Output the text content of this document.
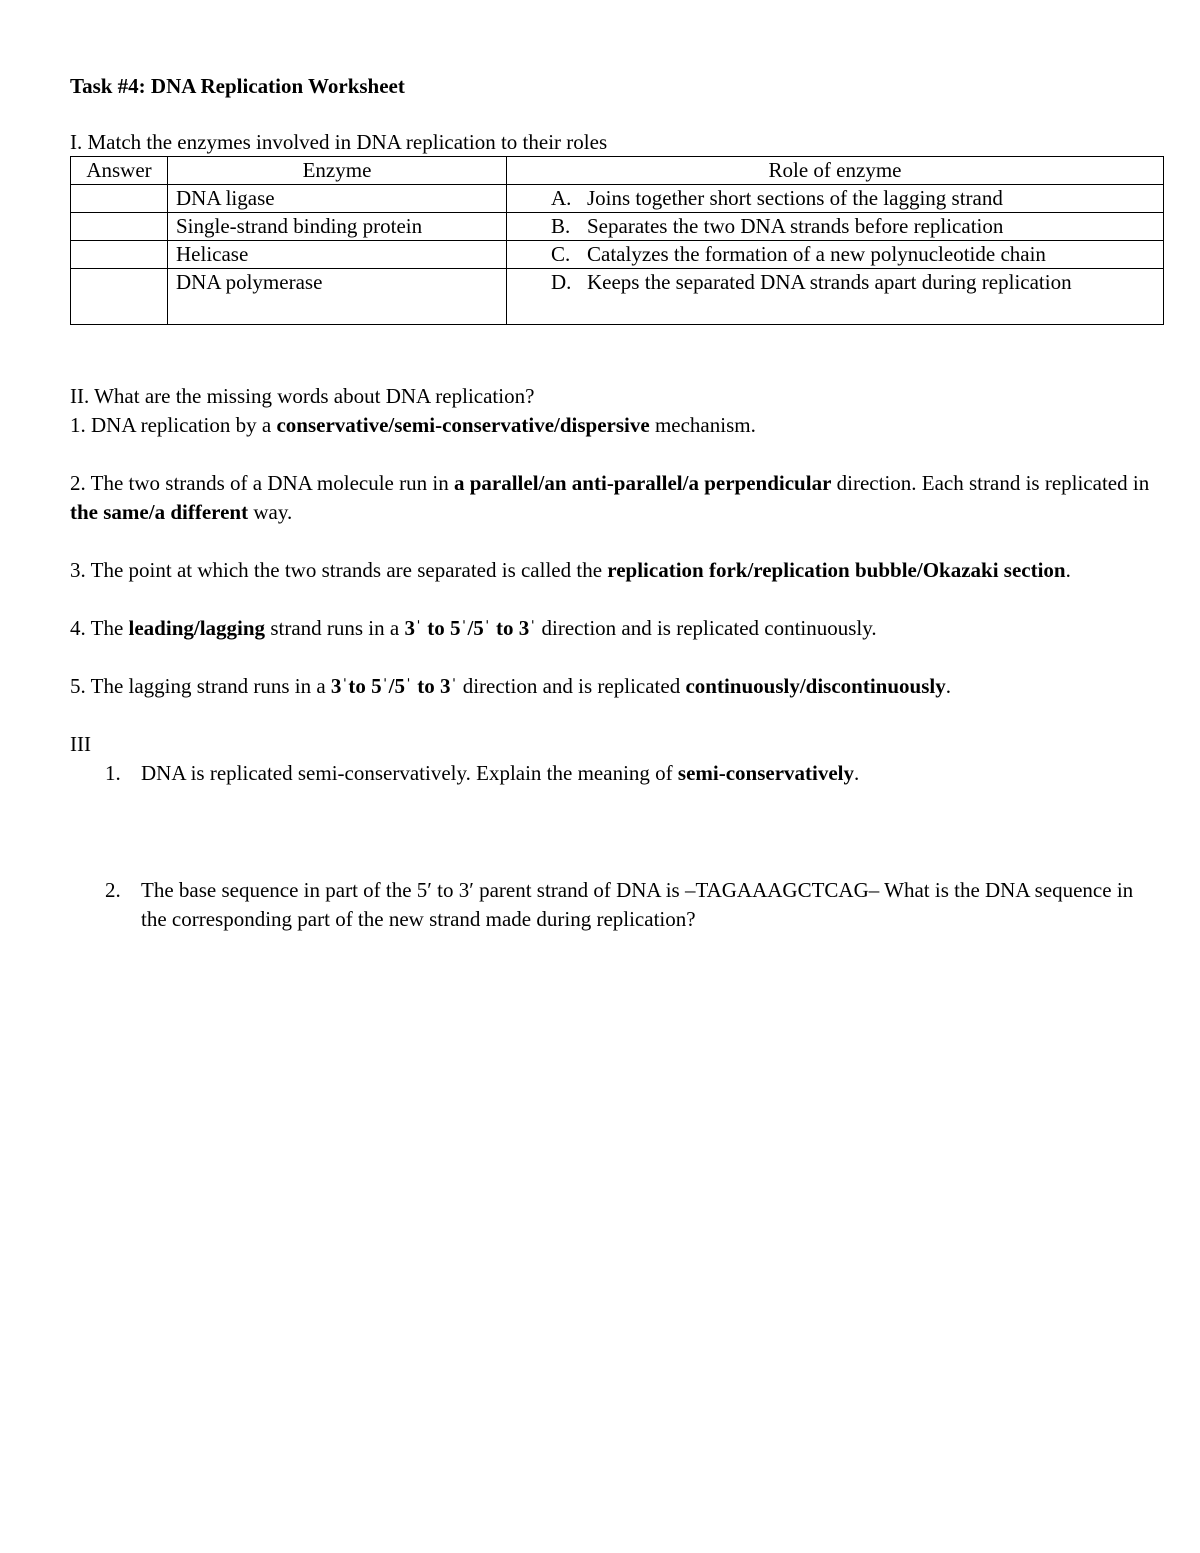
Task #4: DNA Replication Worksheet

I. Match the enzymes involved in DNA replication to their roles

Answer	Enzyme	Role of enzyme
	DNA ligase	A. Joins together short sections of the lagging strand
	Single-strand binding protein	B. Separates the two DNA strands before replication
	Helicase	C. Catalyzes the formation of a new polynucleotide chain
	DNA polymerase	D. Keeps the separated DNA strands apart during replication

II. What are the missing words about DNA replication?

1. DNA replication by a conservative/semi-conservative/dispersive mechanism.

2. The two strands of a DNA molecule run in a parallel/an anti-parallel/a perpendicular direction. Each strand is replicated in the same/a different way.

3. The point at which the two strands are separated is called the replication fork/replication bubble/Okazaki section.

4. The leading/lagging strand runs in a 3ˈ to 5ˈ/5ˈ to 3ˈ direction and is replicated continuously.

5. The lagging strand runs in a 3ˈto 5ˈ/5ˈ to 3ˈ direction and is replicated continuously/discontinuously.

III

1. DNA is replicated semi-conservatively. Explain the meaning of semi-conservatively.
2. The base sequence in part of the 5′ to 3′ parent strand of DNA is –TAGAAAGCTCAG– What is the DNA sequence in the corresponding part of the new strand made during replication?
